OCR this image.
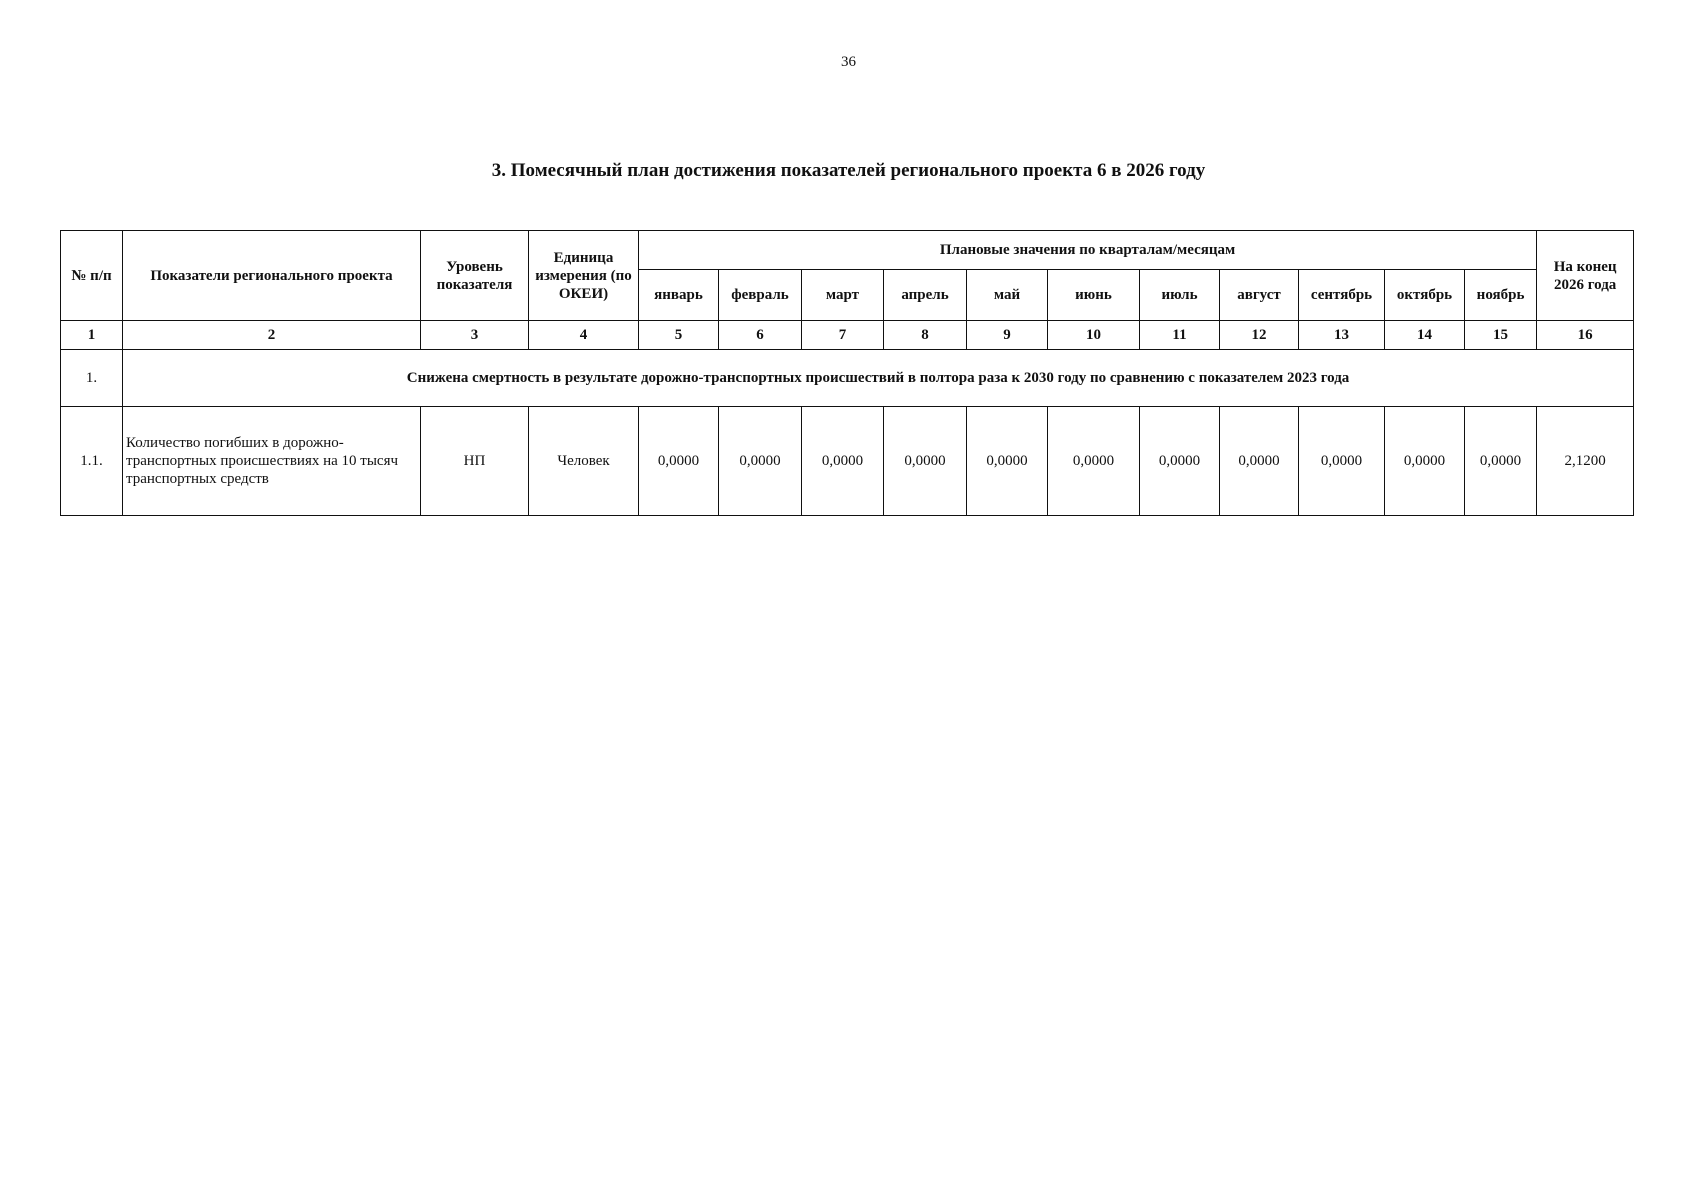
36
3. Помесячный план достижения показателей регионального проекта 6 в 2026 году
№ п/п	Показатели регионального проекта	Уровень показателя	Единица измерения (по ОКЕИ)	Плановые значения по кварталам/месяцам											На конец 2026 года
				январь	февраль	март	апрель	май	июнь	июль	август	сентябрь	октябрь	ноябрь	
1	2	3	4	5	6	7	8	9	10	11	12	13	14	15	16
1.	Снижена смертность в результате дорожно-транспортных происшествий в полтора раза к 2030 году по сравнению с показателем 2023 года														
1.1.	Количество погибших в дорожно-транспортных происшествиях на 10 тысяч транспортных средств	НП	Человек	0,0000	0,0000	0,0000	0,0000	0,0000	0,0000	0,0000	0,0000	0,0000	0,0000	0,0000	2,1200
